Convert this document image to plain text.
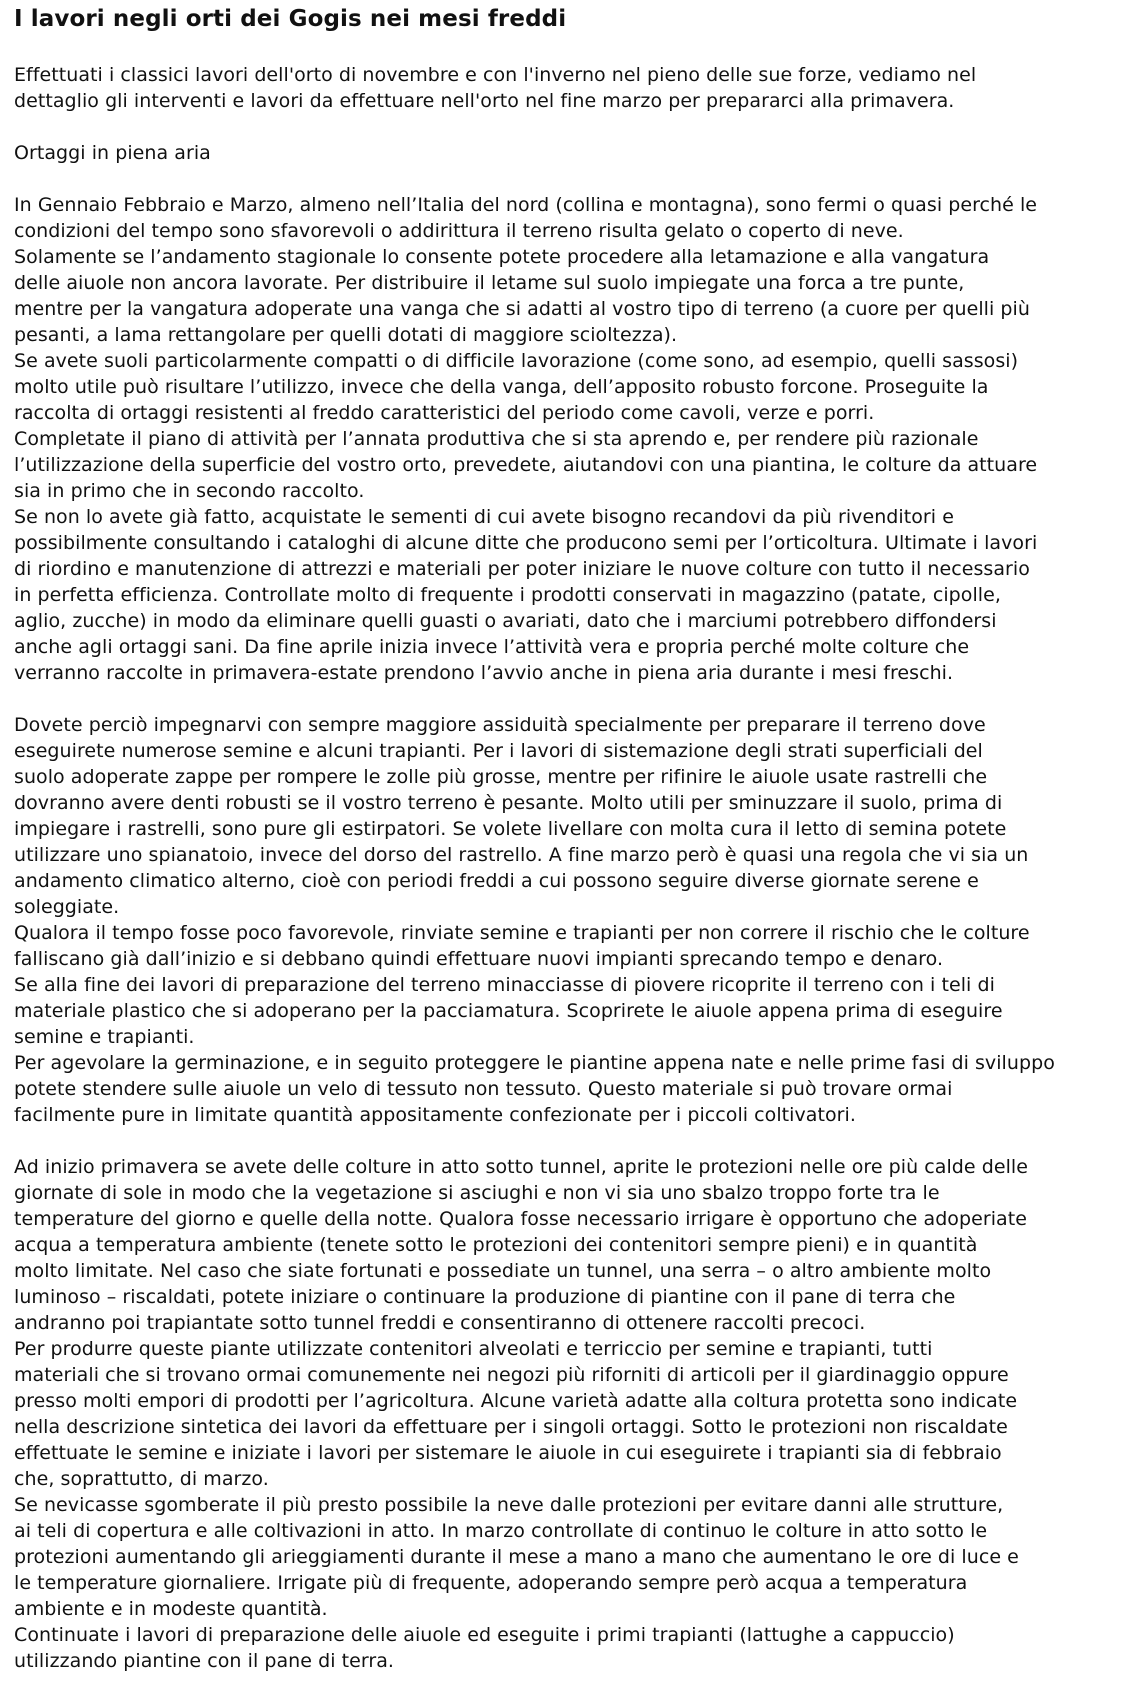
I lavori negli orti dei Gogis nei mesi freddi
Effettuati i classici lavori dell'orto di novembre e con l'inverno nel pieno delle sue forze, vediamo nel
dettaglio gli interventi e lavori da effettuare nell'orto nel fine marzo per prepararci alla primavera.
Ortaggi in piena aria
In Gennaio Febbraio e Marzo, almeno nell’Italia del nord (collina e montagna), sono fermi o quasi perché le
condizioni del tempo sono sfavorevoli o addirittura il terreno risulta gelato o coperto di neve.
Solamente se l’andamento stagionale lo consente potete procedere alla letamazione e alla vangatura
delle aiuole non ancora lavorate. Per distribuire il letame sul suolo impiegate una forca a tre punte,
mentre per la vangatura adoperate una vanga che si adatti al vostro tipo di terreno (a cuore per quelli più
pesanti, a lama rettangolare per quelli dotati di maggiore scioltezza).
Se avete suoli particolarmente compatti o di difficile lavorazione (come sono, ad esempio, quelli sassosi)
molto utile può risultare l’utilizzo, invece che della vanga, dell’apposito robusto forcone. Proseguite la
raccolta di ortaggi resistenti al freddo caratteristici del periodo come cavoli, verze e porri.
Completate il piano di attività per l’annata produttiva che si sta aprendo e, per rendere più razionale
l’utilizzazione della superficie del vostro orto, prevedete, aiutandovi con una piantina, le colture da attuare
sia in primo che in secondo raccolto.
Se non lo avete già fatto, acquistate le sementi di cui avete bisogno recandovi da più rivenditori e
possibilmente consultando i cataloghi di alcune ditte che producono semi per l’orticoltura. Ultimate i lavori
di riordino e manutenzione di attrezzi e materiali per poter iniziare le nuove colture con tutto il necessario
in perfetta efficienza. Controllate molto di frequente i prodotti conservati in magazzino (patate, cipolle,
aglio, zucche) in modo da eliminare quelli guasti o avariati, dato che i marciumi potrebbero diffondersi
anche agli ortaggi sani. Da fine aprile inizia invece l’attività vera e propria perché molte colture che
verranno raccolte in primavera-estate prendono l’avvio anche in piena aria durante i mesi freschi.
Dovete perciò impegnarvi con sempre maggiore assiduità specialmente per preparare il terreno dove
eseguirete numerose semine e alcuni trapianti. Per i lavori di sistemazione degli strati superficiali del
suolo adoperate zappe per rompere le zolle più grosse, mentre per rifinire le aiuole usate rastrelli che
dovranno avere denti robusti se il vostro terreno è pesante. Molto utili per sminuzzare il suolo, prima di
impiegare i rastrelli, sono pure gli estirpatori. Se volete livellare con molta cura il letto di semina potete
utilizzare uno spianatoio, invece del dorso del rastrello. A fine marzo però è quasi una regola che vi sia un
andamento climatico alterno, cioè con periodi freddi a cui possono seguire diverse giornate serene e
soleggiate.
Qualora il tempo fosse poco favorevole, rinviate semine e trapianti per non correre il rischio che le colture
falliscano già dall’inizio e si debbano quindi effettuare nuovi impianti sprecando tempo e denaro.
Se alla fine dei lavori di preparazione del terreno minacciasse di piovere ricoprite il terreno con i teli di
materiale plastico che si adoperano per la pacciamatura. Scoprirete le aiuole appena prima di eseguire
semine e trapianti.
Per agevolare la germinazione, e in seguito proteggere le piantine appena nate e nelle prime fasi di sviluppo
potete stendere sulle aiuole un velo di tessuto non tessuto. Questo materiale si può trovare ormai
facilmente pure in limitate quantità appositamente confezionate per i piccoli coltivatori.
Ad inizio primavera se avete delle colture in atto sotto tunnel, aprite le protezioni nelle ore più calde delle
giornate di sole in modo che la vegetazione si asciughi e non vi sia uno sbalzo troppo forte tra le
temperature del giorno e quelle della notte. Qualora fosse necessario irrigare è opportuno che adoperiate
acqua a temperatura ambiente (tenete sotto le protezioni dei contenitori sempre pieni) e in quantità
molto limitate. Nel caso che siate fortunati e possediate un tunnel, una serra – o altro ambiente molto
luminoso – riscaldati, potete iniziare o continuare la produzione di piantine con il pane di terra che
andranno poi trapiantate sotto tunnel freddi e consentiranno di ottenere raccolti precoci.
Per produrre queste piante utilizzate contenitori alveolati e terriccio per semine e trapianti, tutti
materiali che si trovano ormai comunemente nei negozi più riforniti di articoli per il giardinaggio oppure
presso molti empori di prodotti per l’agricoltura. Alcune varietà adatte alla coltura protetta sono indicate
nella descrizione sintetica dei lavori da effettuare per i singoli ortaggi. Sotto le protezioni non riscaldate
effettuate le semine e iniziate i lavori per sistemare le aiuole in cui eseguirete i trapianti sia di febbraio
che, soprattutto, di marzo.
Se nevicasse sgomberate il più presto possibile la neve dalle protezioni per evitare danni alle strutture,
ai teli di copertura e alle coltivazioni in atto. In marzo controllate di continuo le colture in atto sotto le
protezioni aumentando gli arieggiamenti durante il mese a mano a mano che aumentano le ore di luce e
le temperature giornaliere. Irrigate più di frequente, adoperando sempre però acqua a temperatura
ambiente e in modeste quantità.
Continuate i lavori di preparazione delle aiuole ed eseguite i primi trapianti (lattughe a cappuccio)
utilizzando piantine con il pane di terra.
